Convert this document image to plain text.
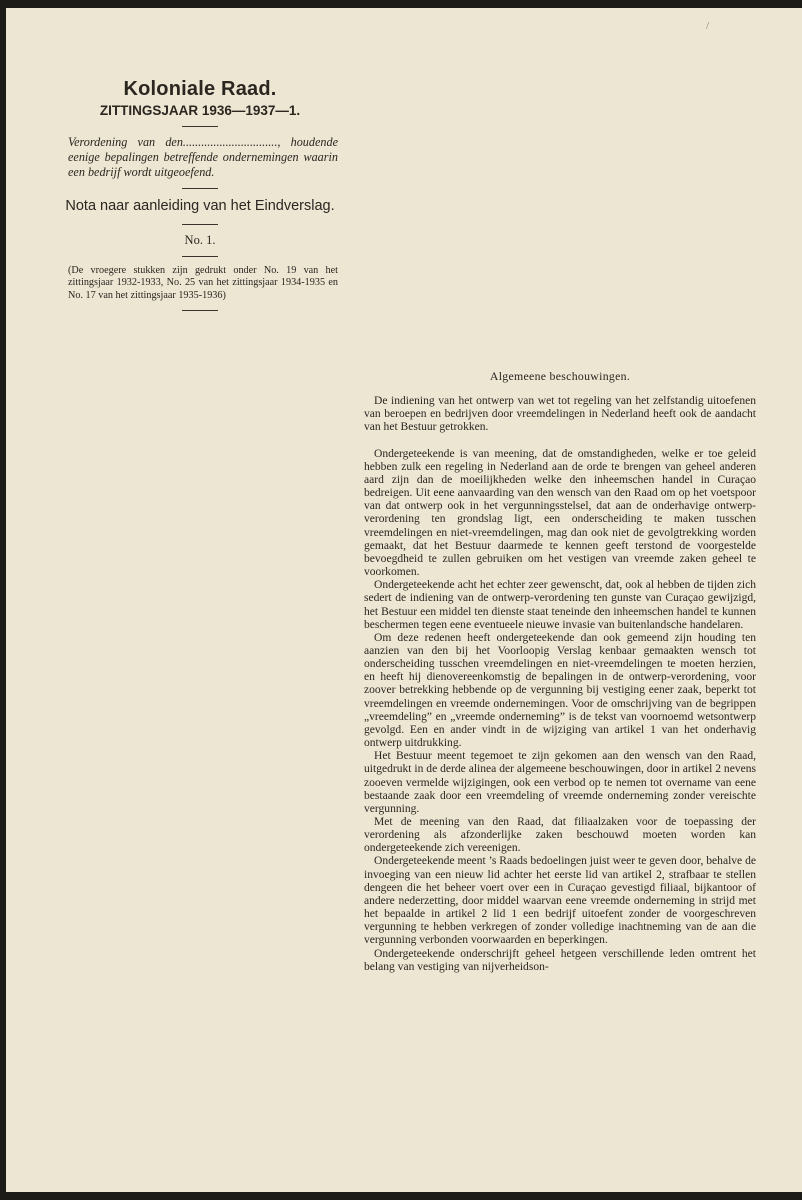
/
Koloniale Raad.
ZITTINGSJAAR 1936—1937—1.
Verordening van den..............................., houdende eenige bepalingen betreffende ondernemingen waarin een bedrijf wordt uitgeoefend.
Nota naar aanleiding van het Eindverslag.
No. 1.
(De vroegere stukken zijn gedrukt onder No. 19 van het zittingsjaar 1932-1933, No. 25 van het zittingsjaar 1934-1935 en No. 17 van het zittingsjaar 1935-1936)
Algemeene beschouwingen.

De indiening van het ontwerp van wet tot regeling van het zelfstandig uitoefenen van beroepen en bedrijven door vreemdelingen in Nederland heeft ook de aandacht van het Bestuur getrokken.

Ondergeteekende is van meening, dat de omstandigheden, welke er toe geleid hebben zulk een regeling in Nederland aan de orde te brengen van geheel anderen aard zijn dan de moeilijkheden welke den inheemschen handel in Curaçao bedreigen. Uit eene aanvaarding van den wensch van den Raad om op het voetspoor van dat ontwerp ook in het vergunningsstelsel, dat aan de onderhavige ontwerp-verordening ten grondslag ligt, een onderscheiding te maken tusschen vreemdelingen en niet-vreemdelingen, mag dan ook niet de gevolgtrekking worden gemaakt, dat het Bestuur daarmede te kennen geeft terstond de voorgestelde bevoegdheid te zullen gebruiken om het vestigen van vreemde zaken geheel te voorkomen.

Ondergeteekende acht het echter zeer gewenscht, dat, ook al hebben de tijden zich sedert de indiening van de ontwerp-verordening ten gunste van Curaçao gewijzigd, het Bestuur een middel ten dienste staat teneinde den inheemschen handel te kunnen beschermen tegen eene eventueele nieuwe invasie van buitenlandsche handelaren.

Om deze redenen heeft ondergeteekende dan ook gemeend zijn houding ten aanzien van den bij het Voorloopig Verslag kenbaar gemaakten wensch tot onderscheiding tusschen vreemdelingen en niet-vreemdelingen te moeten herzien, en heeft hij dienovereenkomstig de bepalingen in de ontwerp-verordening, voor zoover betrekking hebbende op de vergunning bij vestiging eener zaak, beperkt tot vreemdelingen en vreemde ondernemingen. Voor de omschrijving van de begrippen „vreemdeling” en „vreemde onderneming” is de tekst van voornoemd wetsontwerp gevolgd. Een en ander vindt in de wijziging van artikel 1 van het onderhavig ontwerp uitdrukking.

Het Bestuur meent tegemoet te zijn gekomen aan den wensch van den Raad, uitgedrukt in de derde alinea der algemeene beschouwingen, door in artikel 2 nevens zooeven vermelde wijzigingen, ook een verbod op te nemen tot overname van eene bestaande zaak door een vreemdeling of vreemde onderneming zonder vereischte vergunning.

Met de meening van den Raad, dat filiaalzaken voor de toepassing der verordening als afzonderlijke zaken beschouwd moeten worden kan ondergeteekende zich vereenigen.

Ondergeteekende meent ’s Raads bedoelingen juist weer te geven door, behalve de invoeging van een nieuw lid achter het eerste lid van artikel 2, strafbaar te stellen dengeen die het beheer voert over een in Curaçao gevestigd filiaal, bijkantoor of andere nederzetting, door middel waarvan eene vreemde onderneming in strijd met het bepaalde in artikel 2 lid 1 een bedrijf uitoefent zonder de voorgeschreven vergunning te hebben verkregen of zonder volledige inachtneming van de aan die vergunning verbonden voorwaarden en beperkingen.

Ondergeteekende onderschrijft geheel hetgeen verschillende leden omtrent het belang van vestiging van nijverheidson-
